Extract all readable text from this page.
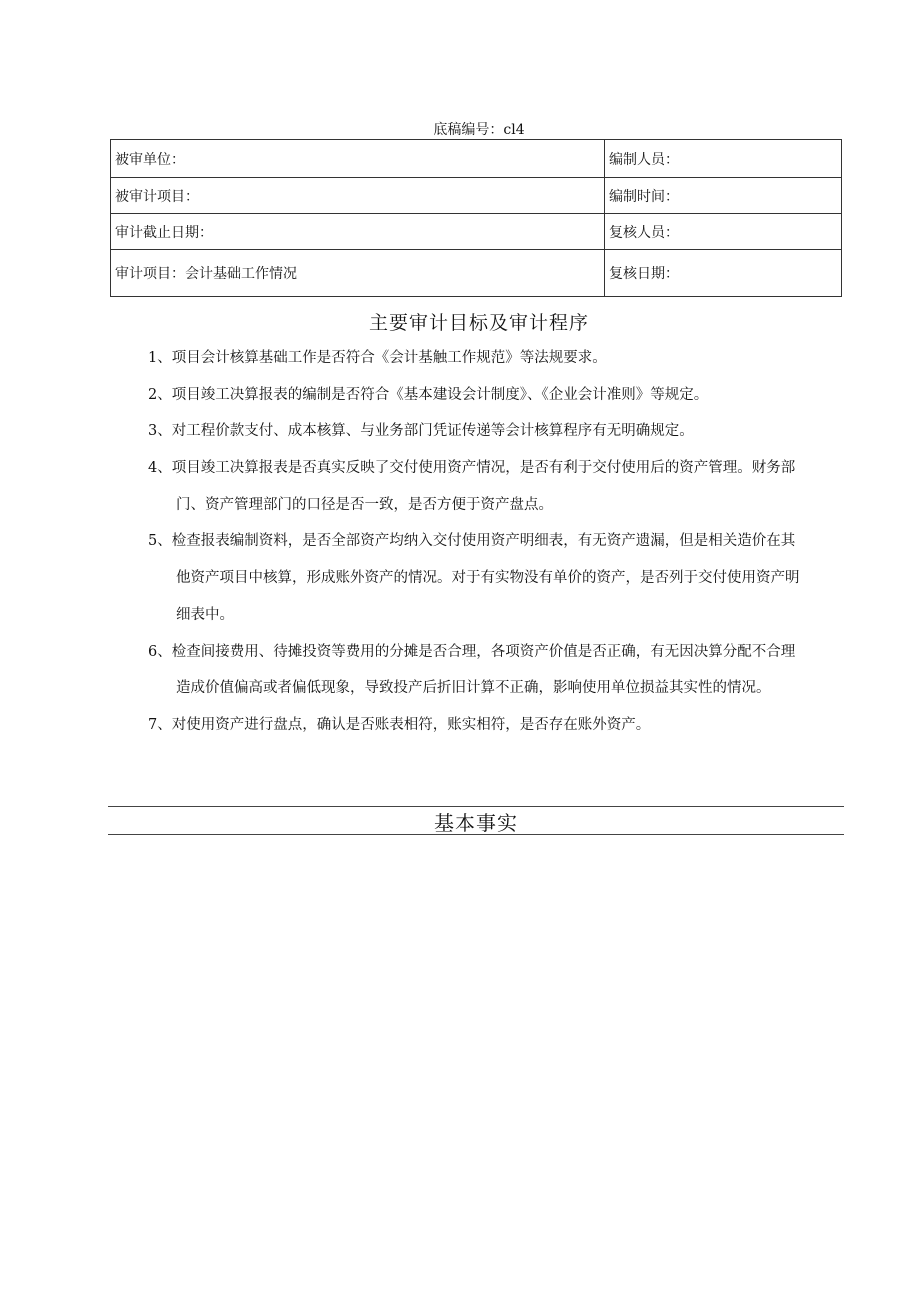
底稿编号：cl4
被审单位：	编制人员：
被审计项目：	编制时间：
审计截止日期：	复核人员：
审计项目：会计基础工作情况	复核日期：
主要审计目标及审计程序
1、项目会计核算基础工作是否符合《会计基触工作规范》等法规要求。
2、项目竣工决算报表的编制是否符合《基本建设会计制度》、《企业会计准则》等规定。
3、对工程价款支付、成本核算、与业务部门凭证传递等会计核算程序有无明确规定。
4、项目竣工决算报表是否真实反映了交付使用资产情况，是否有利于交付使用后的资产管理。财务部
门、资产管理部门的口径是否一致，是否方便于资产盘点。
5、检查报表编制资料，是否全部资产均纳入交付使用资产明细表，有无资产遗漏，但是相关造价在其
他资产项目中核算，形成账外资产的情况。对于有实物没有单价的资产，是否列于交付使用资产明
细表中。
6、检查间接费用、待摊投资等费用的分摊是否合理，各项资产价值是否正确，有无因决算分配不合理
造成价值偏高或者偏低现象，导致投产后折旧计算不正确，影响使用单位损益其实性的情况。
7、对使用资产进行盘点，确认是否账表相符，账实相符，是否存在账外资产。
基本事实
